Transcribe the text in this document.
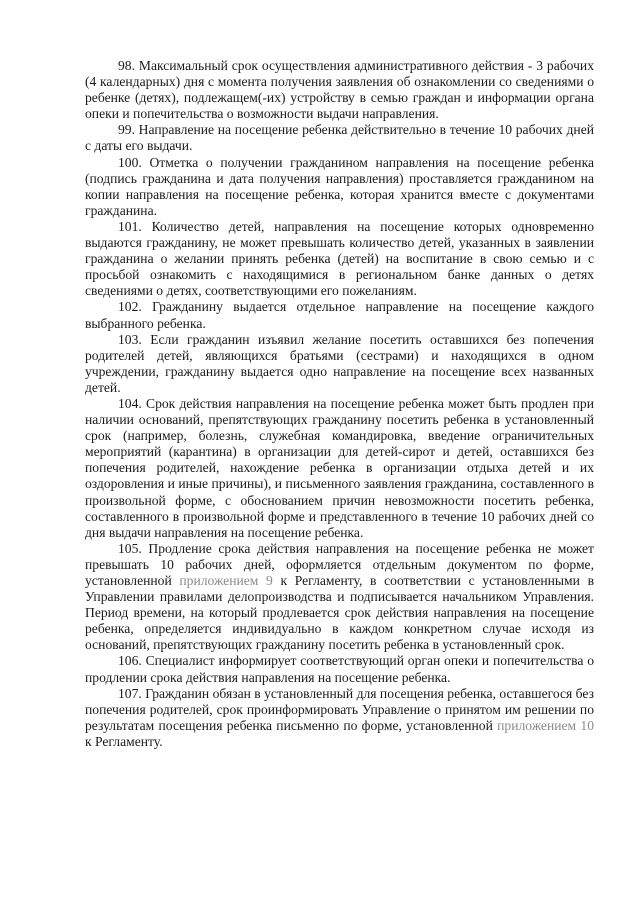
98. Максимальный срок осуществления административного действия - 3 рабочих (4 календарных) дня с момента получения заявления об ознакомлении со сведениями о ребенке (детях), подлежащем(-их) устройству в семью граждан и информации органа опеки и попечительства о возможности выдачи направления.

99. Направление на посещение ребенка действительно в течение 10 рабочих дней с даты его выдачи.

100. Отметка о получении гражданином направления на посещение ребенка (подпись гражданина и дата получения направления) проставляется гражданином на копии направления на посещение ребенка, которая хранится вместе с документами гражданина.

101. Количество детей, направления на посещение которых одновременно выдаются гражданину, не может превышать количество детей, указанных в заявлении гражданина о желании принять ребенка (детей) на воспитание в свою семью и с просьбой ознакомить с находящимися в региональном банке данных о детях сведениями о детях, соответствующими его пожеланиям.

102. Гражданину выдается отдельное направление на посещение каждого выбранного ребенка.

103. Если гражданин изъявил желание посетить оставшихся без попечения родителей детей, являющихся братьями (сестрами) и находящихся в одном учреждении, гражданину выдается одно направление на посещение всех названных детей.

104. Срок действия направления на посещение ребенка может быть продлен при наличии оснований, препятствующих гражданину посетить ребенка в установленный срок (например, болезнь, служебная командировка, введение ограничительных мероприятий (карантина) в организации для детей-сирот и детей, оставшихся без попечения родителей, нахождение ребенка в организации отдыха детей и их оздоровления и иные причины), и письменного заявления гражданина, составленного в произвольной форме, с обоснованием причин невозможности посетить ребенка, составленного в произвольной форме и представленного в течение 10 рабочих дней со дня выдачи направления на посещение ребенка.

105. Продление срока действия направления на посещение ребенка не может превышать 10 рабочих дней, оформляется отдельным документом по форме, установленной приложением 9 к Регламенту, в соответствии с установленными в Управлении правилами делопроизводства и подписывается начальником Управления. Период времени, на который продлевается срок действия направления на посещение ребенка, определяется индивидуально в каждом конкретном случае исходя из оснований, препятствующих гражданину посетить ребенка в установленный срок.

106. Специалист информирует соответствующий орган опеки и попечительства о продлении срока действия направления на посещение ребенка.

107. Гражданин обязан в установленный для посещения ребенка, оставшегося без попечения родителей, срок проинформировать Управление о принятом им решении по результатам посещения ребенка письменно по форме, установленной приложением 10 к Регламенту.
